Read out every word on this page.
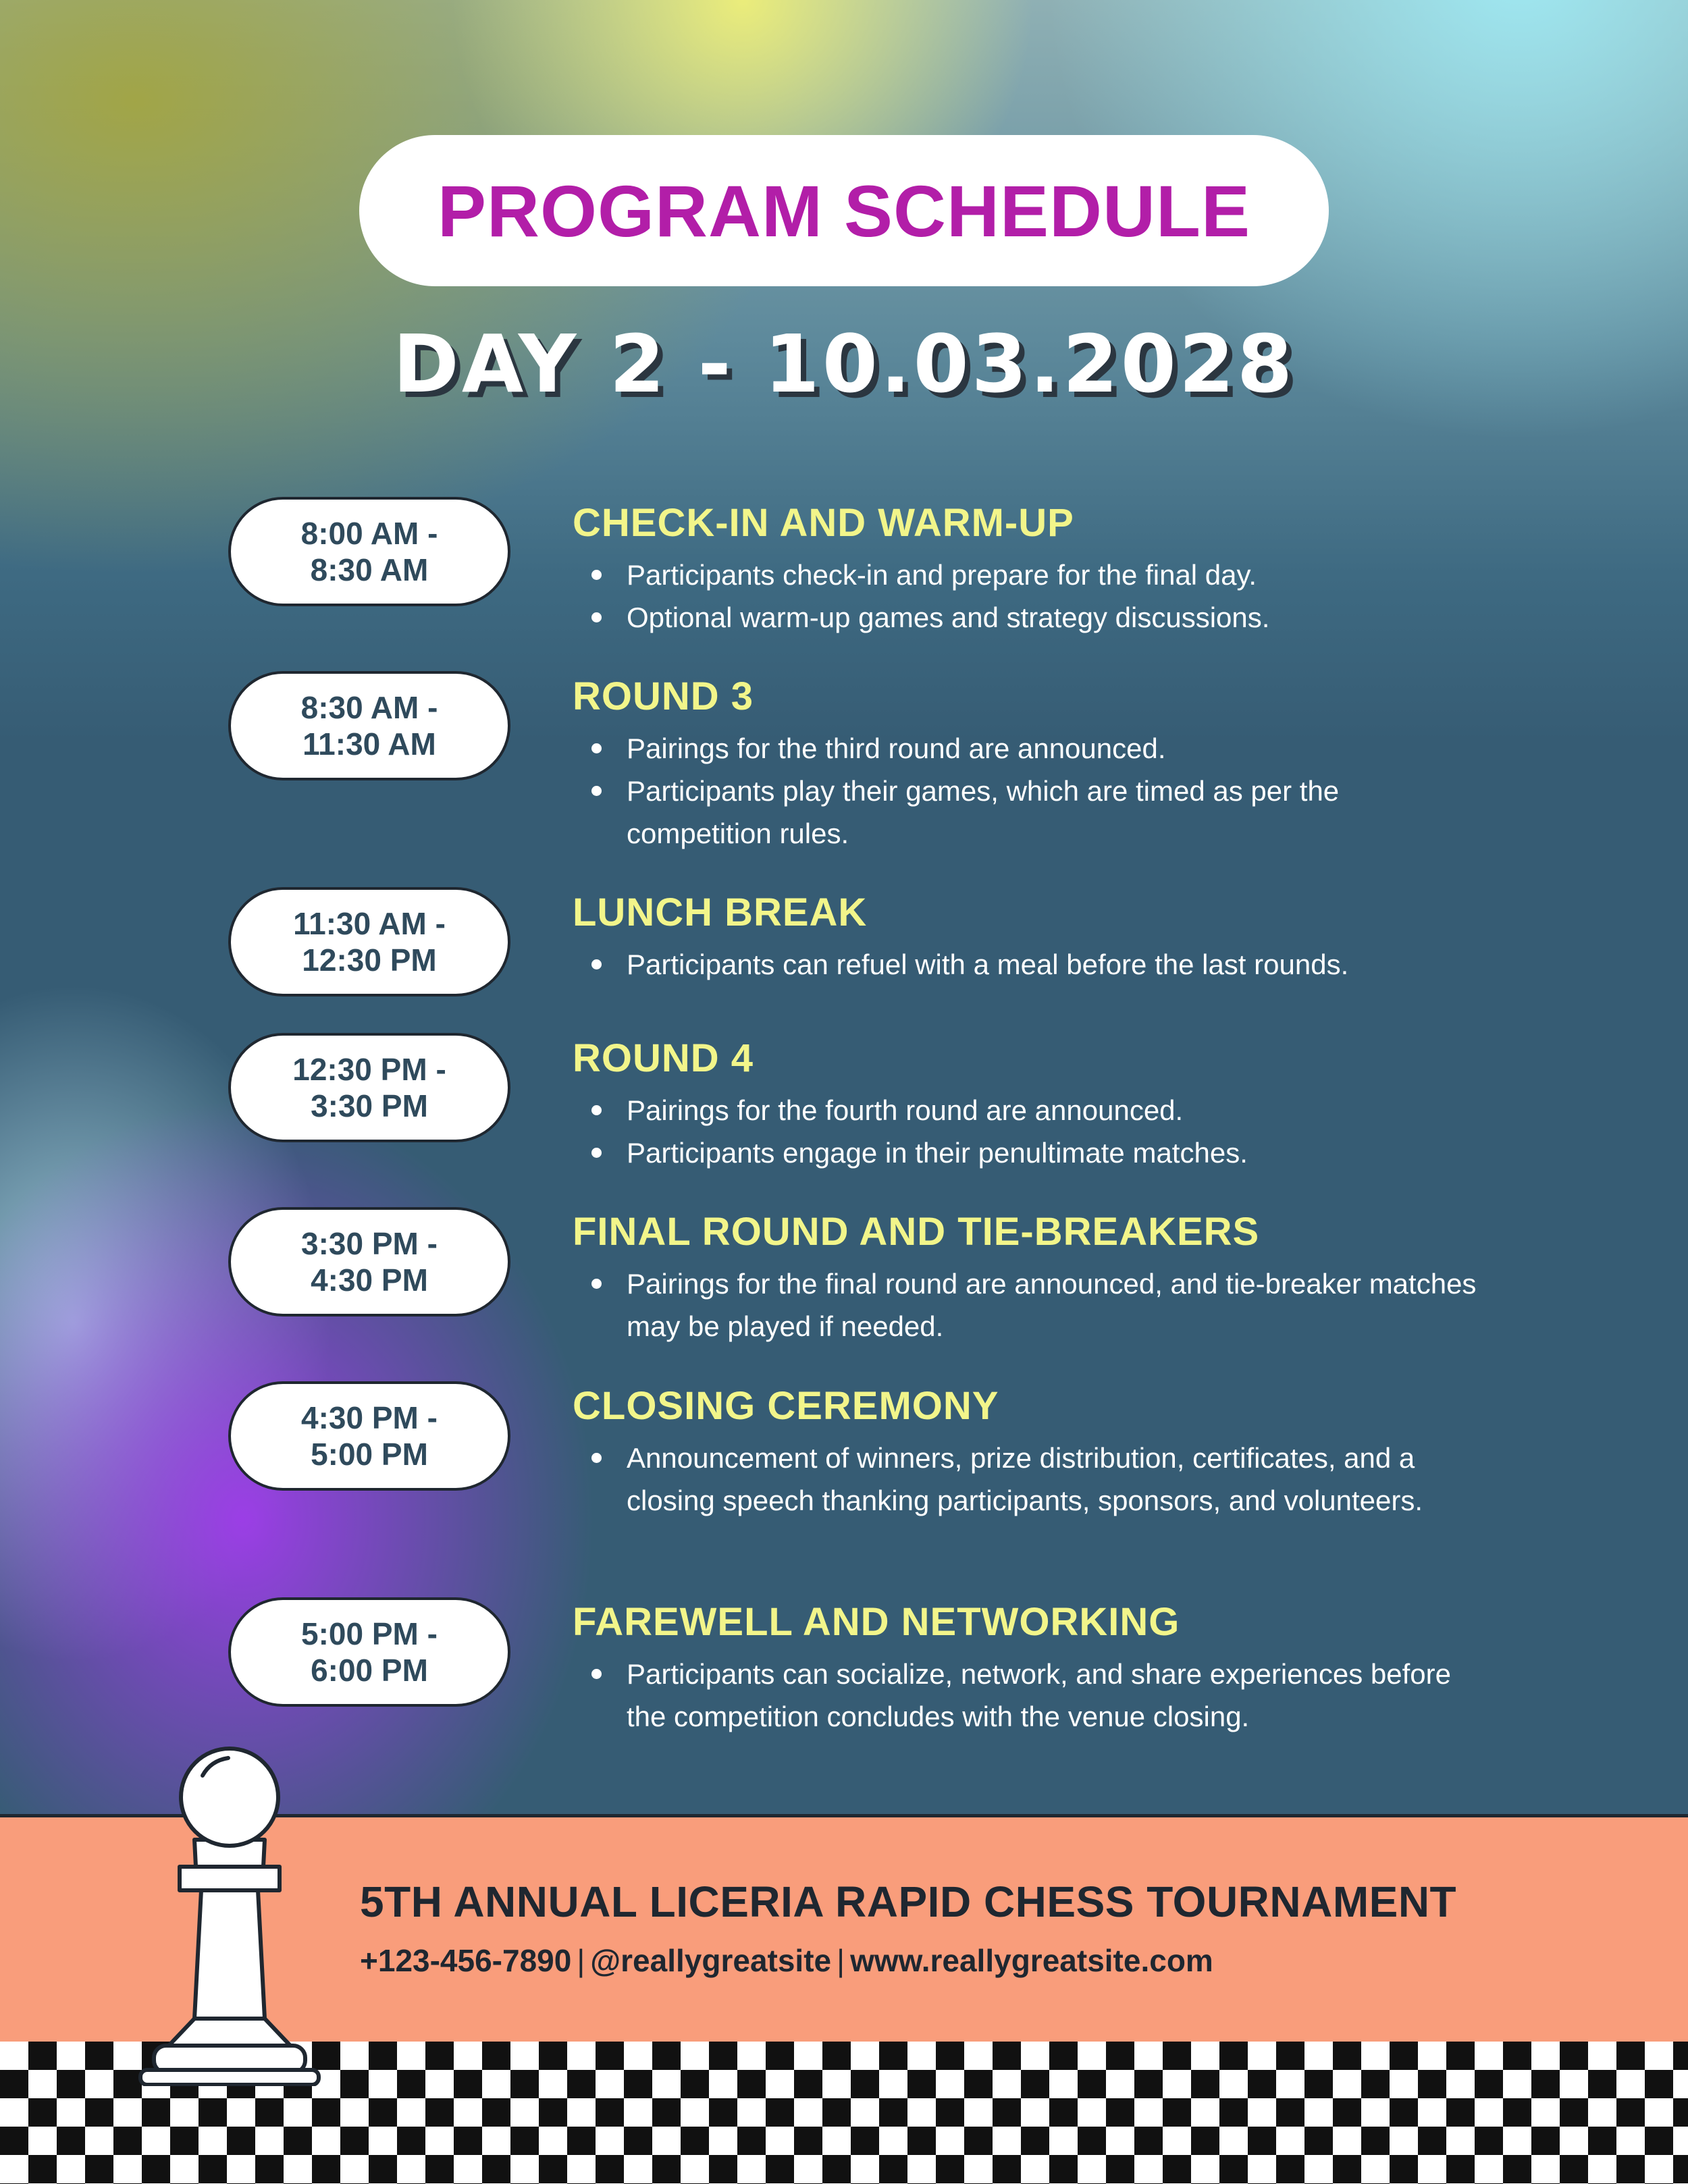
PROGRAM SCHEDULE
DAY 2 - 10.03.2028
8:00 AM -
8:30 AM
CHECK-IN AND WARM-UP
Participants check-in and prepare for the final day.
Optional warm-up games and strategy discussions.
8:30 AM -
11:30 AM
ROUND 3
Pairings for the third round are announced.
Participants play their games, which are timed as per the competition rules.
11:30 AM -
12:30 PM
LUNCH BREAK
Participants can refuel with a meal before the last rounds.
12:30 PM -
3:30 PM
ROUND 4
Pairings for the fourth round are announced.
Participants engage in their penultimate matches.
3:30 PM -
4:30 PM
FINAL ROUND AND TIE-BREAKERS
Pairings for the final round are announced, and tie-breaker matches may be played if needed.
4:30 PM -
5:00 PM
CLOSING CEREMONY
Announcement of winners, prize distribution, certificates, and a closing speech thanking participants, sponsors, and volunteers.
5:00 PM -
6:00 PM
FAREWELL AND NETWORKING
Participants can socialize, network, and share experiences before the competition concludes with the venue closing.
5TH ANNUAL LICERIA RAPID CHESS TOURNAMENT
+123-456-7890 | @reallygreatsite | www.reallygreatsite.com
